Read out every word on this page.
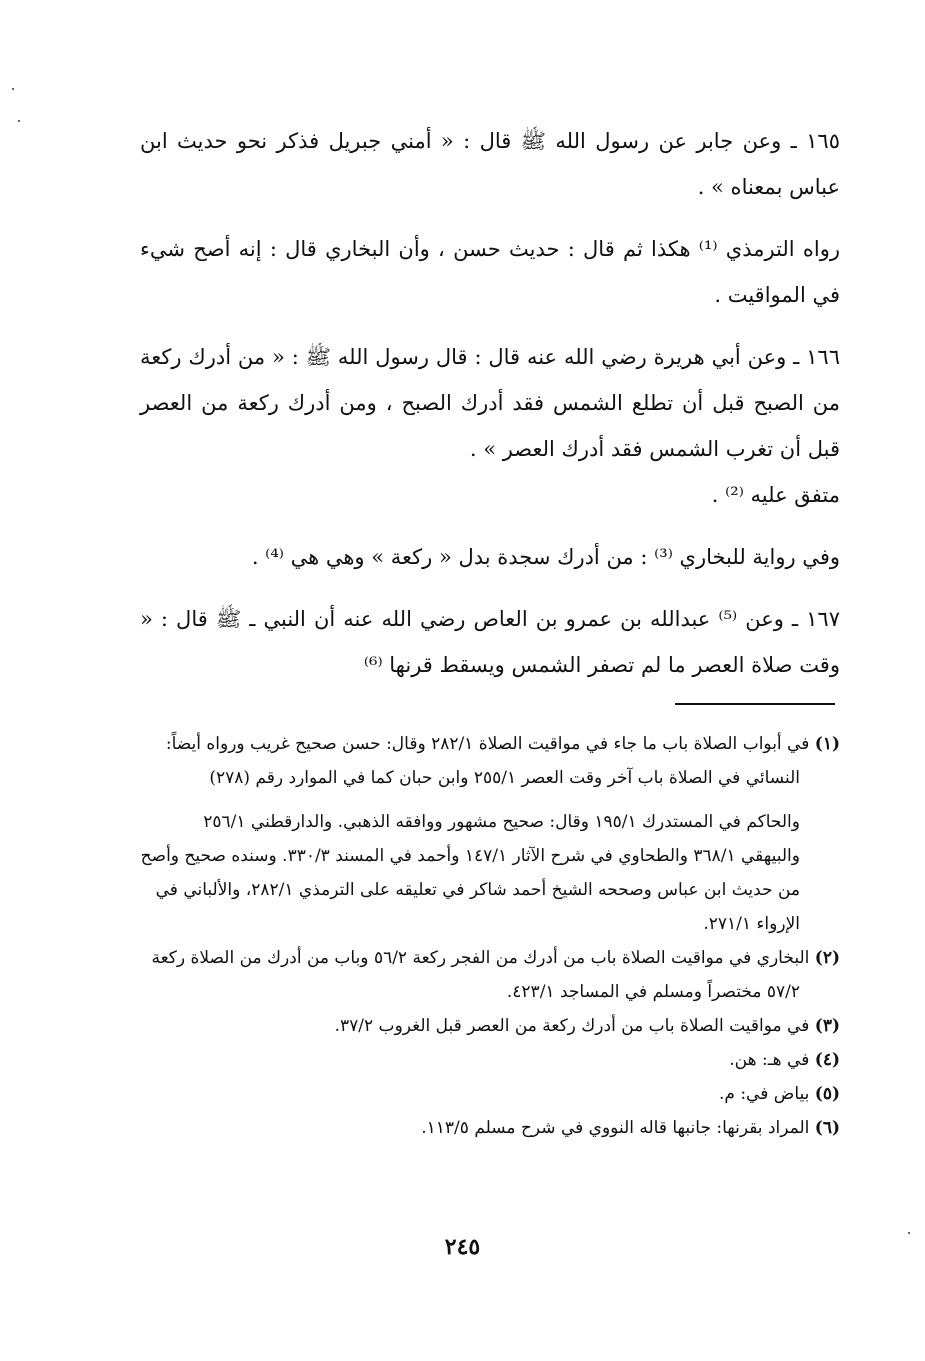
١٦٥ ـ وعن جابر عن رسول الله ﷺ قال : « أمني جبريل فذكر نحو حديث ابن عباس بمعناه » .

رواه الترمذي ⁽¹⁾ هكذا ثم قال : حديث حسن ، وأن البخاري قال : إنه أصح شيء في المواقيت .

١٦٦ ـ وعن أبي هريرة رضي الله عنه قال : قال رسول الله ﷺ : « من أدرك ركعة من الصبح قبل أن تطلع الشمس فقد أدرك الصبح ، ومن أدرك ركعة من العصر قبل أن تغرب الشمس فقد أدرك العصر » .

متفق عليه ⁽²⁾ .

وفي رواية للبخاري ⁽³⁾ : من أدرك سجدة بدل « ركعة » وهي هي ⁽⁴⁾ .

١٦٧ ـ وعن ⁽⁵⁾ عبدالله بن عمرو بن العاص رضي الله عنه أن النبي ـ ﷺ قال : « وقت صلاة العصر ما لم تصفر الشمس ويسقط قرنها ⁽⁶⁾

(١) في أبواب الصلاة باب ما جاء في مواقيت الصلاة ٢٨٢/١ وقال: حسن صحيح غريب ورواه أيضاً: النسائي في الصلاة باب آخر وقت العصر ٢٥٥/١ وابن حبان كما في الموارد رقم (٢٧٨)

والحاكم في المستدرك ١٩٥/١ وقال: صحيح مشهور ووافقه الذهبي. والدارقطني ٢٥٦/١ والبيهقي ٣٦٨/١ والطحاوي في شرح الآثار ١٤٧/١ وأحمد في المسند ٣٣٠/٣. وسنده صحيح وأصح من حديث ابن عباس وصححه الشيخ أحمد شاكر في تعليقه على الترمذي ٢٨٢/١، والألباني في الإرواء ٢٧١/١.

(٢) البخاري في مواقيت الصلاة باب من أدرك من الفجر ركعة ٥٦/٢ وباب من أدرك من الصلاة ركعة ٥٧/٢ مختصراً ومسلم في المساجد ٤٢٣/١.

(٣) في مواقيت الصلاة باب من أدرك ركعة من العصر قبل الغروب ٣٧/٢.

(٤) في هـ: هن.

(٥) بياض في: م.

(٦) المراد بقرنها: جانبها قاله النووي في شرح مسلم ١١٣/٥.

٢٤٥
